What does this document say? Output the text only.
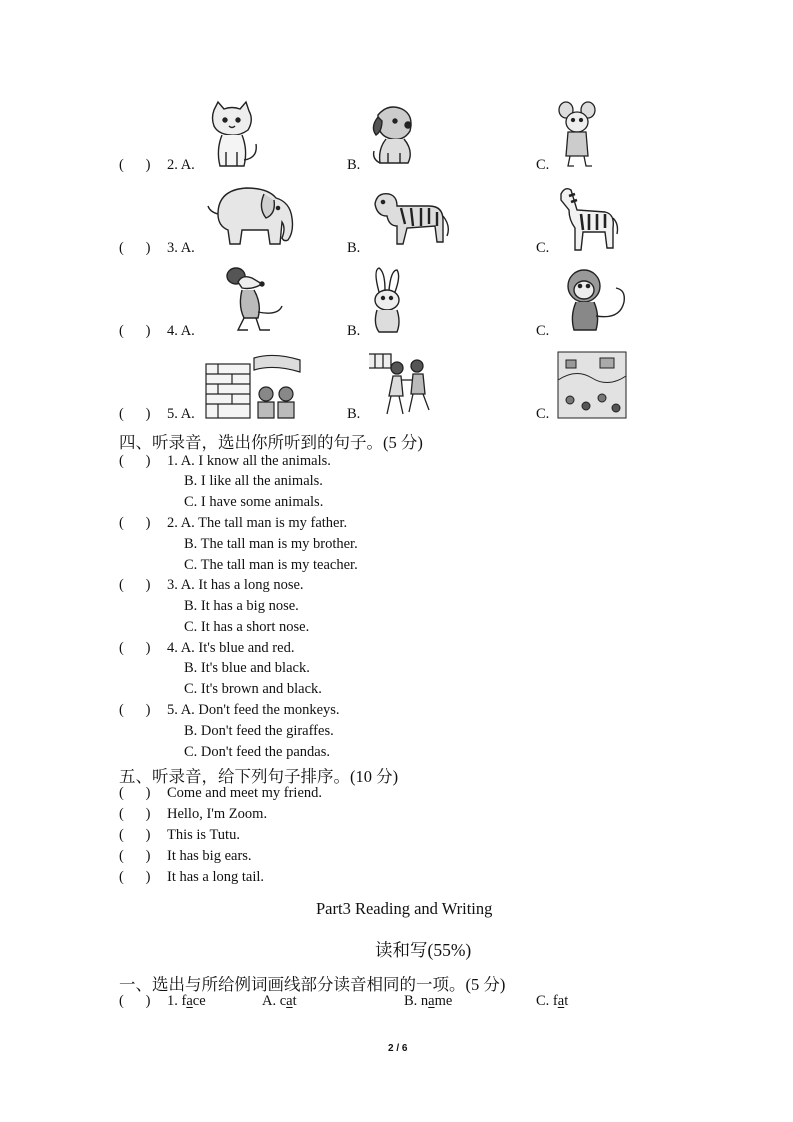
( ) 2. A.	B.	C.
( ) 3. A.	B.	C.
( ) 4. A.	B.	C.
( ) 5. A.	B.	C.
四、听录音，选出你所听到的句子。(5 分)
( ) 1. A. I know all the animals.
B. I like all the animals.
C. I have some animals.
( ) 2. A. The tall man is my father.
B. The tall man is my brother.
C. The tall man is my teacher.
( ) 3. A. It has a long nose.
B. It has a big nose.
C. It has a short nose.
( ) 4. A. It's blue and red.
B. It's blue and black.
C. It's brown and black.
( ) 5. A. Don't feed the monkeys.
B. Don't feed the giraffes.
C. Don't feed the pandas.
五、听录音，给下列句子排序。(10 分)
( ) Come and meet my friend.
( ) Hello, I'm Zoom.
( ) This is Tutu.
( ) It has big ears.
( ) It has a long tail.
Part3 Reading and Writing
读和写(55%)
一、选出与所给例词画线部分读音相同的一项。(5 分)
( ) 1. face	A. cat	B. name	C. fat
2 / 6
